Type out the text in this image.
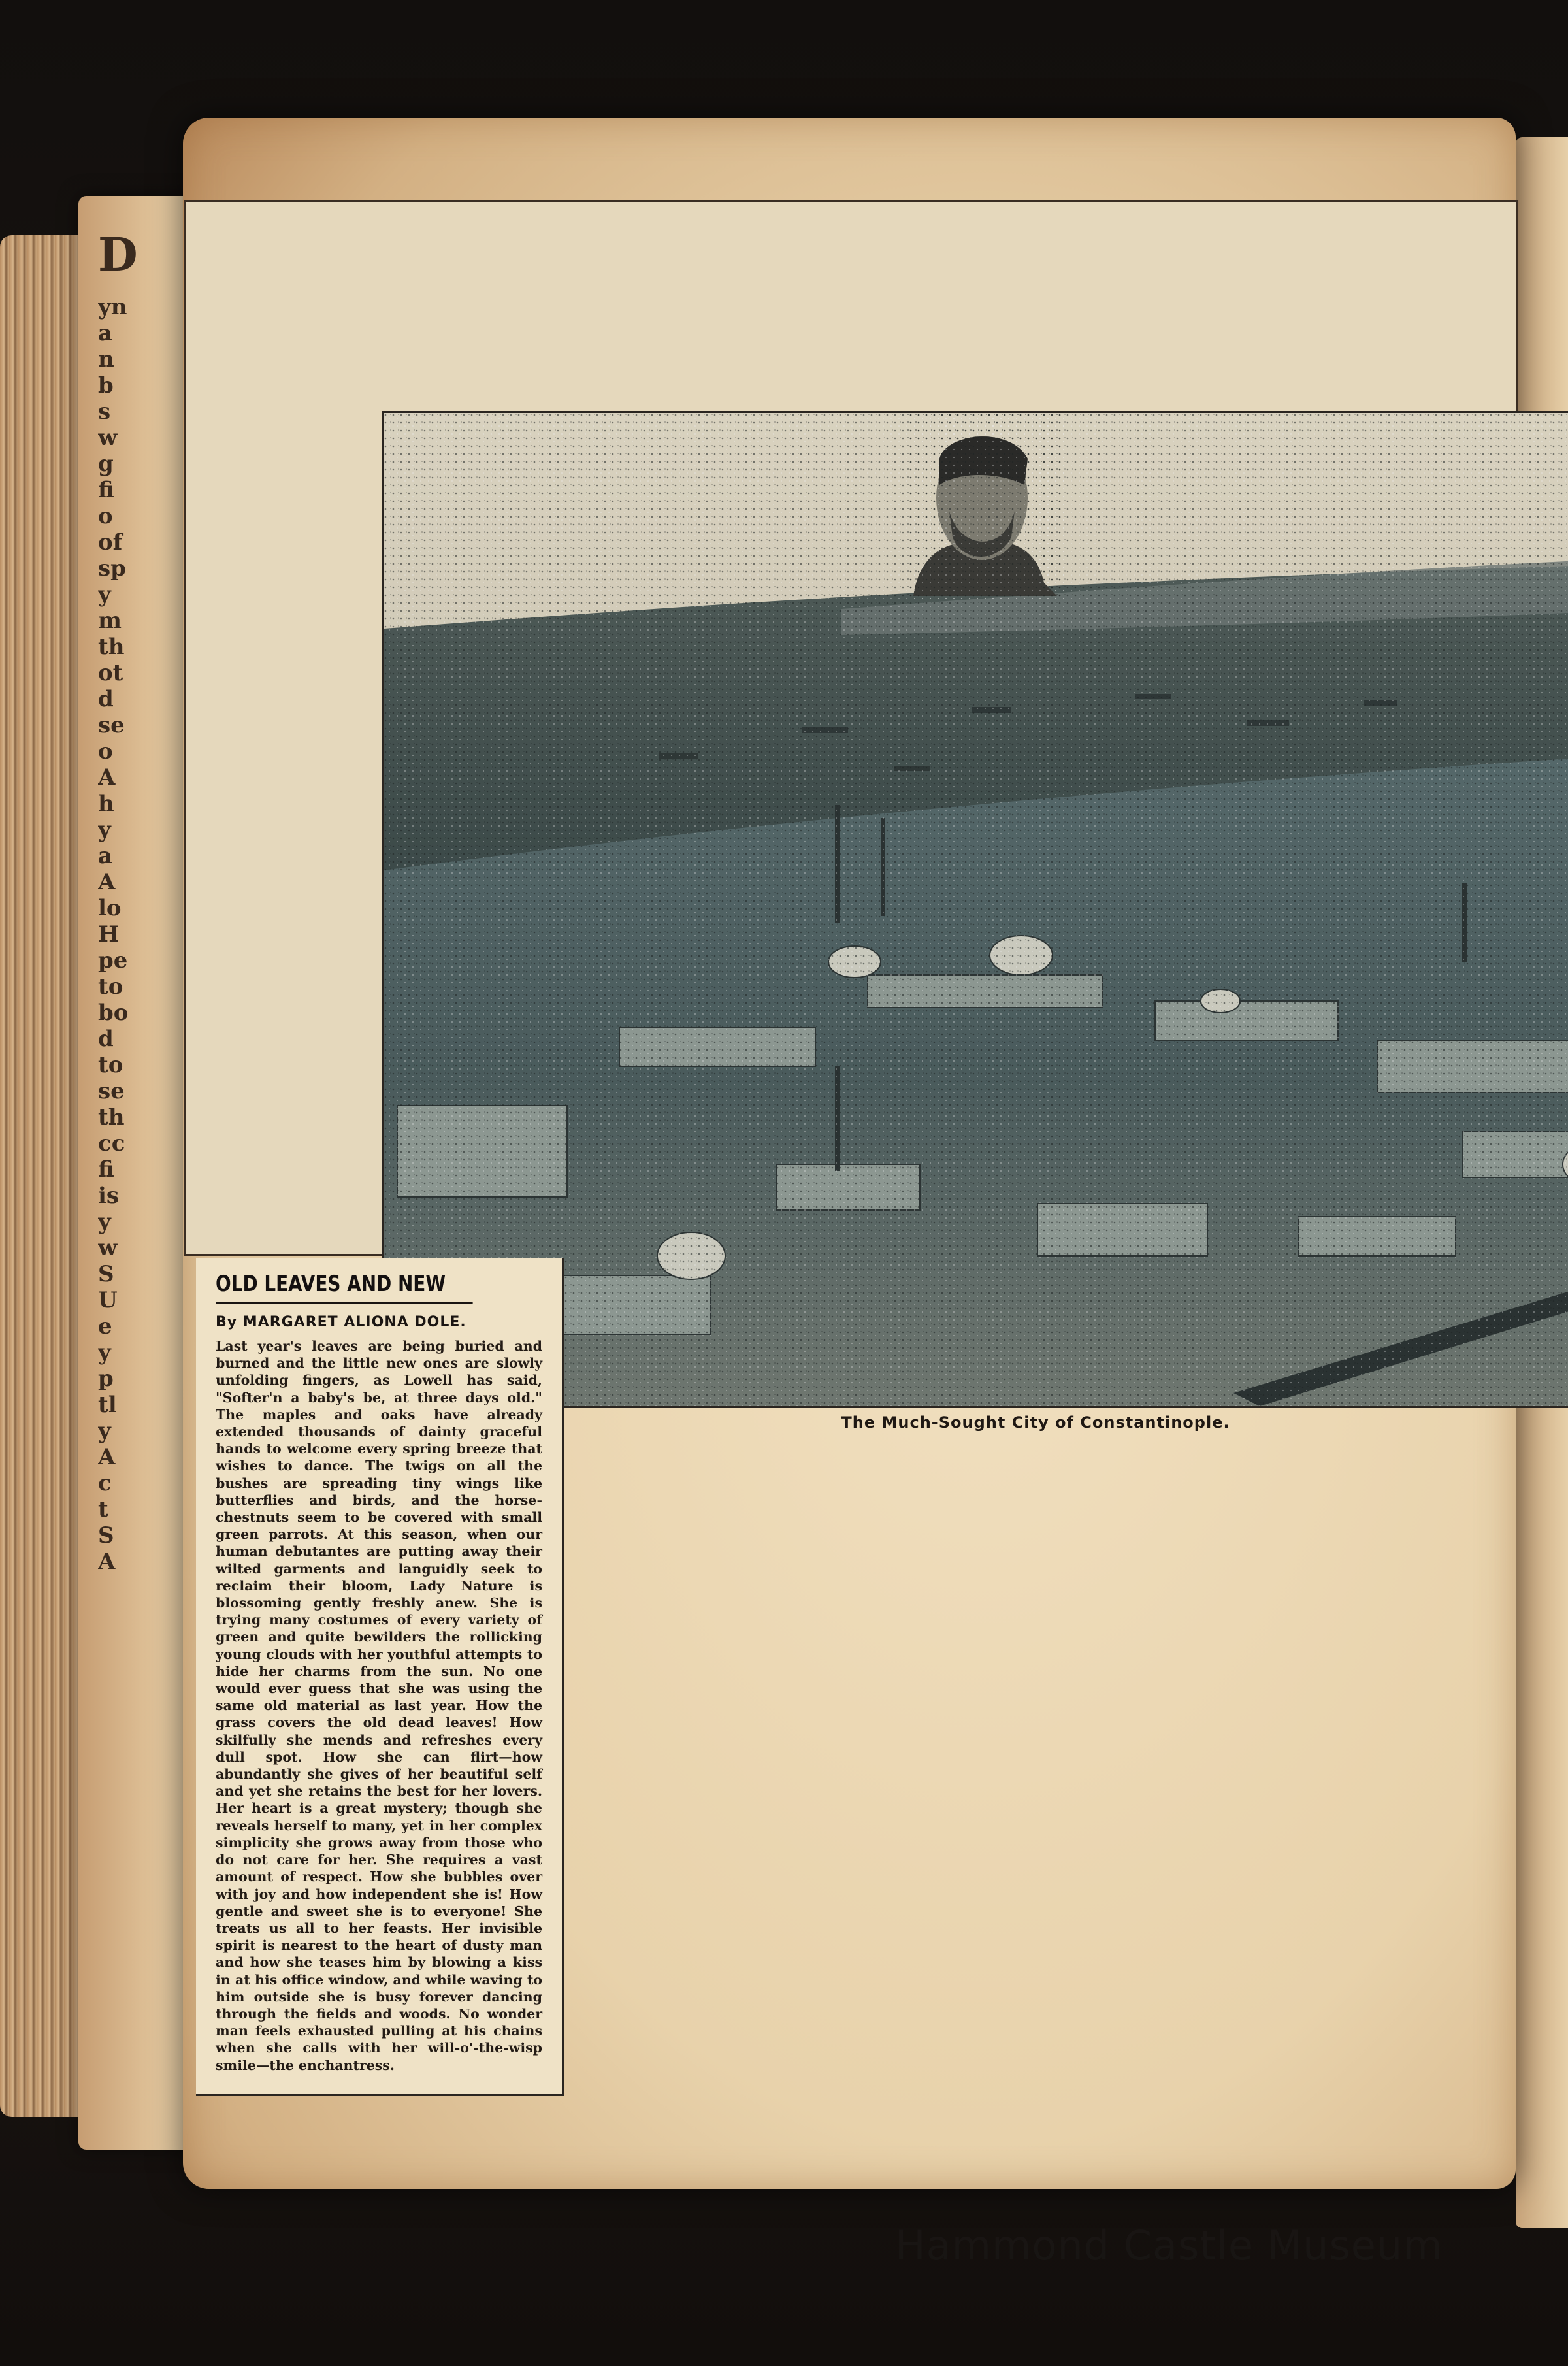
D
yn
a
n
b
s
w
g
fi
o
of
sp
y
m
th
ot
d
se
o
A
h
y
a
A
lo
H
pe
to
bo
d
to
se
th
cc
fi
is
y
w
S
U
e
y
p
tl
y
A
c
t
S
A
The Much-Sought City of Constantinople.
OLD LEAVES AND NEW
By MARGARET ALIONA DOLE.
Last year's leaves are being buried and burned and the little new ones are slowly unfolding fingers, as Lowell has said, "Softer'n a baby's be, at three days old." The maples and oaks have already extended thousands of dainty graceful hands to welcome every spring breeze that wishes to dance. The twigs on all the bushes are spreading tiny wings like butterflies and birds, and the horse-chestnuts seem to be covered with small green parrots. At this season, when our human debutantes are putting away their wilted garments and languidly seek to reclaim their bloom, Lady Nature is blossoming gently freshly anew. She is trying many costumes of every variety of green and quite bewilders the rollicking young clouds with her youthful attempts to hide her charms from the sun. No one would ever guess that she was using the same old material as last year. How the grass covers the old dead leaves! How skilfully she mends and refreshes every dull spot. How she can flirt—how abundantly she gives of her beautiful self and yet she retains the best for her lovers. Her heart is a great mystery; though she reveals herself to many, yet in her complex simplicity she grows away from those who do not care for her. She requires a vast amount of respect. How she bubbles over with joy and how independent she is! How gentle and sweet she is to everyone! She treats us all to her feasts. Her invisible spirit is nearest to the heart of dusty man and how she teases him by blowing a kiss in at his office window, and while waving to him outside she is busy forever dancing through the fields and woods. No wonder man feels exhausted pulling at his chains when she calls with her will-o'-the-wisp smile—the enchantress.
Hammond Castle Museum
